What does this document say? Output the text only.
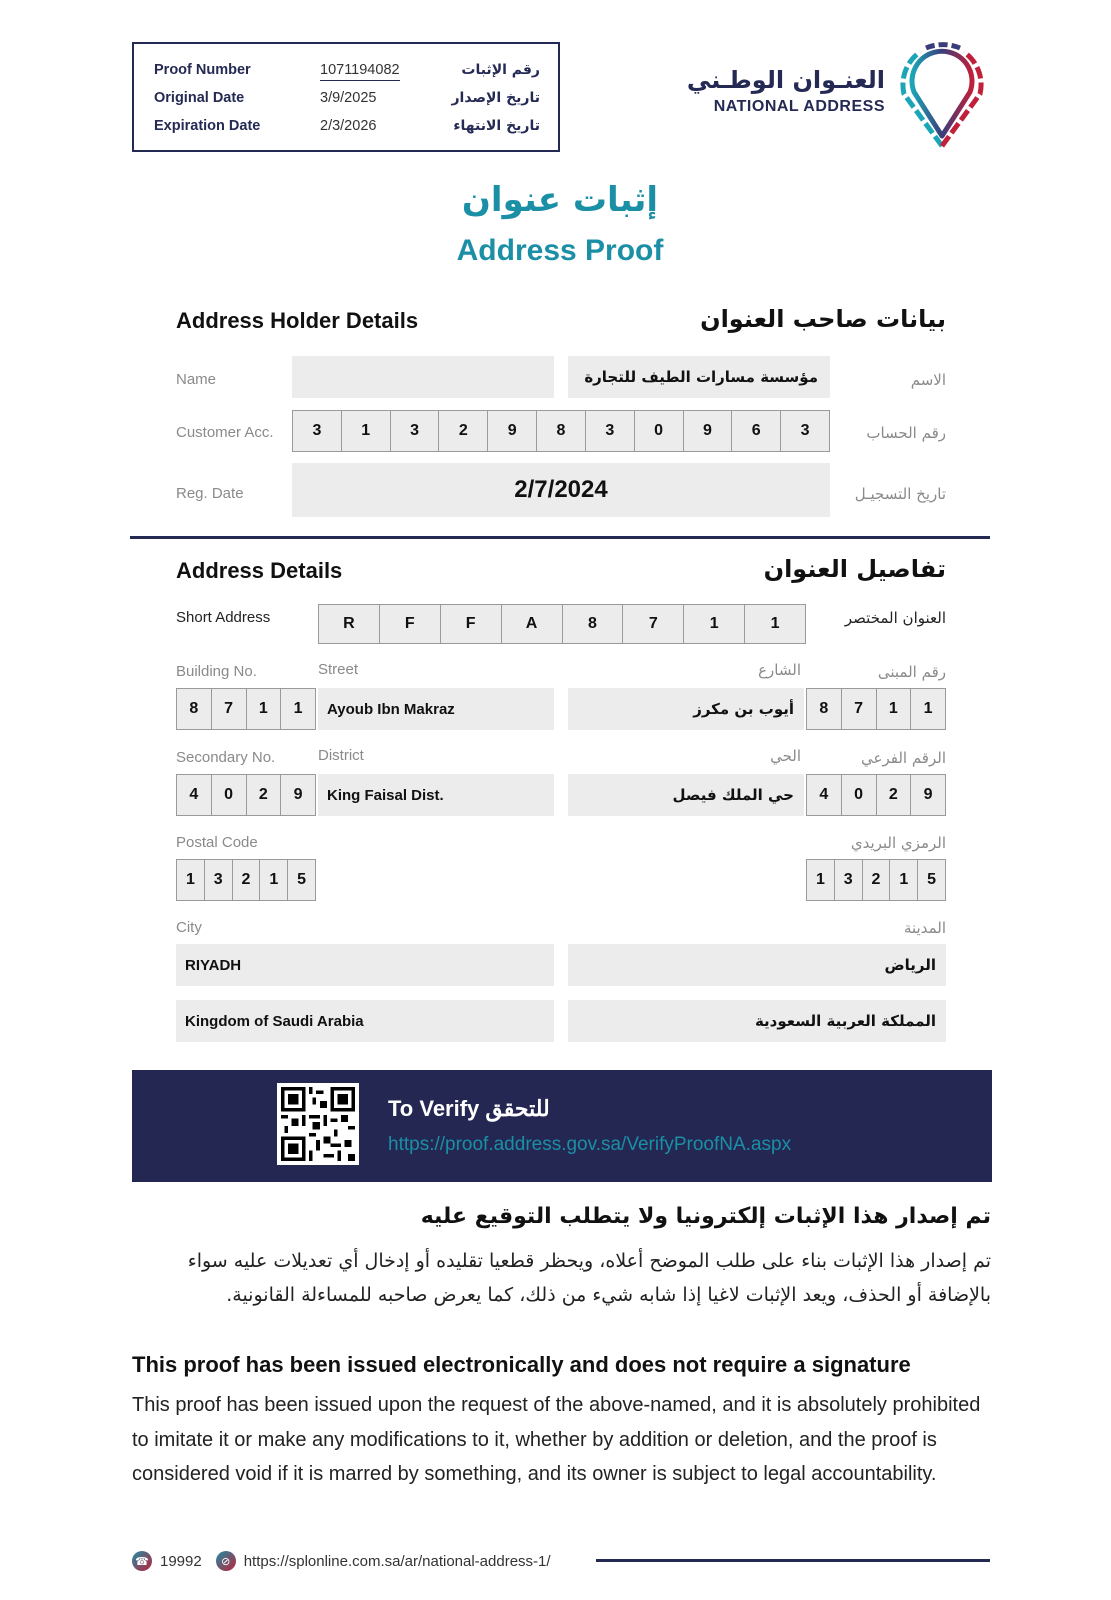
Proof Number	1071194082	رقم الإثبات
Original Date	3/9/2025	تاريخ الإصدار
Expiration Date	2/3/2026	تاريخ الانتهاء
العنـوان الوطـني
NATIONAL ADDRESS
إثبات عنوان
Address Proof
Address Holder Details	بيانات صاحب العنوان
Name	مؤسسة مسارات الطيف للتجارة	الاسم
Customer Acc.	3	1	3	2	9	8	3	0	9	6	3	رقم الحساب
Reg. Date	2/7/2024	تاريخ التسجيـل
Address Details	تفاصيل العنوان
Short Address	R	F	F	A	8	7	1	1	العنوان المختصر
Building No.	Street	الشارع	رقم المبنى
8	7	1	1	Ayoub Ibn Makraz	أيوب بن مكرز	8	7	1	1
Secondary No.	District	الحي	الرقم الفرعي
4	0	2	9	King Faisal Dist.	حي الملك فيصل	4	0	2	9
Postal Code	الرمزي البريدي
1	3	2	1	5	1	3	2	1	5
City	المدينة
RIYADH	الرياض
Kingdom of Saudi Arabia	المملكة العربية السعودية
To Verify للتحقق
https://proof.address.gov.sa/VerifyProofNA.aspx
تم إصدار هذا الإثبات إلكترونيا ولا يتطلب التوقيع عليه
تم إصدار هذا الإثبات بناء على طلب الموضح أعلاه، ويحظر قطعيا تقليده أو إدخال أي تعديلات عليه سواء بالإضافة أو الحذف، ويعد الإثبات لاغيا إذا شابه شيء من ذلك، كما يعرض صاحبه للمساءلة القانونية.
This proof has been issued electronically and does not require a signature
This proof has been issued upon the request of the above-named, and it is absolutely prohibited to imitate it or make any modifications to it, whether by addition or deletion, and the proof is considered void if it is marred by something, and its owner is subject to legal accountability.
☎ 19992	⊘ https://splonline.com.sa/ar/national-address-1/
